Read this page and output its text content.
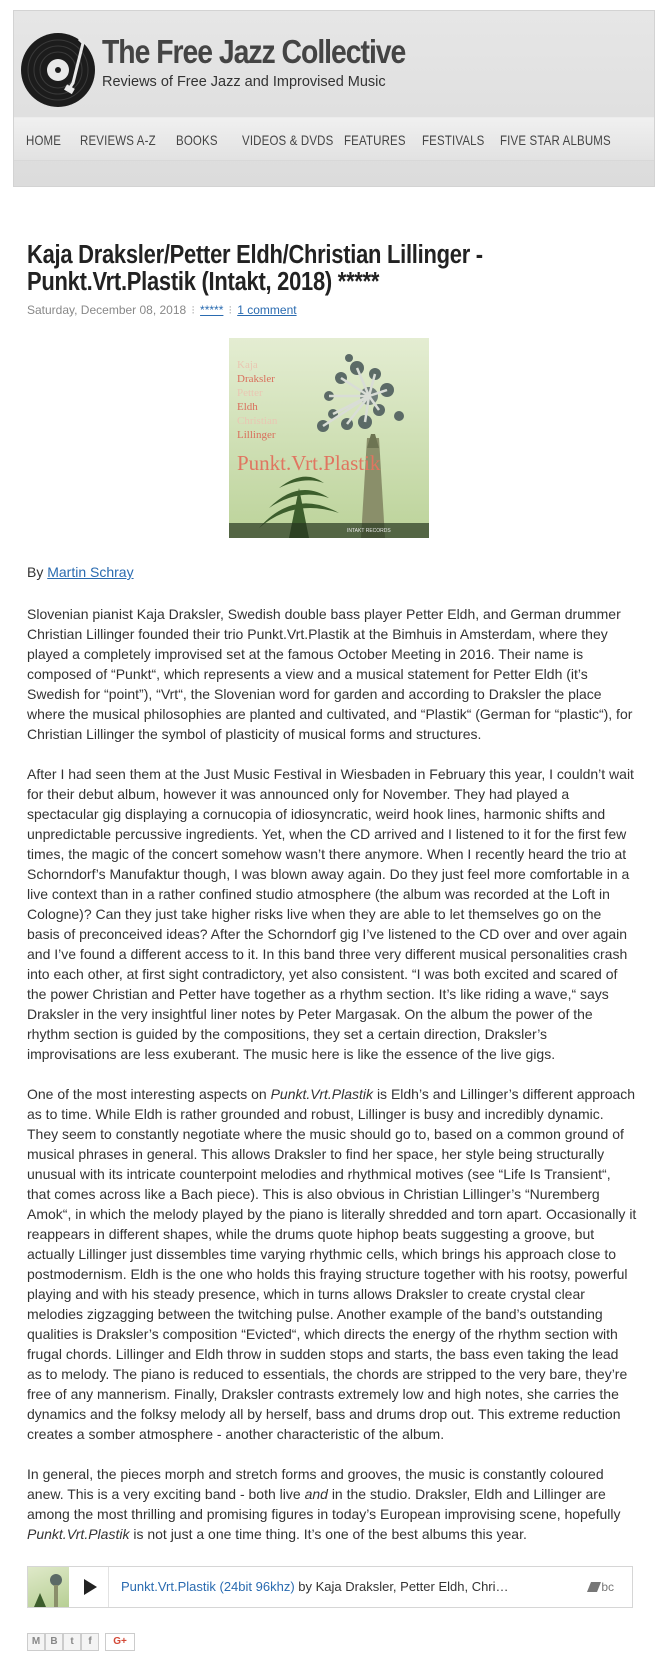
The Free Jazz Collective
Reviews of Free Jazz and Improvised Music
HOME REVIEWS A-Z BOOKS VIDEOS & DVDS FEATURES FESTIVALS FIVE STAR ALBUMS
Kaja Draksler/Petter Eldh/Christian Lillinger - Punkt.Vrt.Plastik (Intakt, 2018) *****
Saturday, December 08, 2018 ⁝ ***** ⁝ 1 comment
Kaja
Draksler
Petter
Eldh
Christian
Lillinger
Punkt.Vrt.Plastik
INTAKT RECORDS
By Martin Schray

Slovenian pianist Kaja Draksler, Swedish double bass player Petter Eldh, and German drummer Christian Lillinger founded their trio Punkt.Vrt.Plastik at the Bimhuis in Amsterdam, where they played a completely improvised set at the famous October Meeting in 2016. Their name is composed of “Punkt“, which represents a view and a musical statement for Petter Eldh (it’s Swedish for “point”), “Vrt“, the Slovenian word for garden and according to Draksler the place where the musical philosophies are planted and cultivated, and “Plastik“ (German for “plastic“), for Christian Lillinger the symbol of plasticity of musical forms and structures.

After I had seen them at the Just Music Festival in Wiesbaden in February this year, I couldn’t wait for their debut album, however it was announced only for November. They had played a spectacular gig displaying a cornucopia of idiosyncratic, weird hook lines, harmonic shifts and unpredictable percussive ingredients. Yet, when the CD arrived and I listened to it for the first few times, the magic of the concert somehow wasn’t there anymore. When I recently heard the trio at Schorndorf’s Manufaktur though, I was blown away again. Do they just feel more comfortable in a live context than in a rather confined studio atmosphere (the album was recorded at the Loft in Cologne)? Can they just take higher risks live when they are able to let themselves go on the basis of preconceived ideas? After the Schorndorf gig I’ve listened to the CD over and over again and I’ve found a different access to it. In this band three very different musical personalities crash into each other, at first sight contradictory, yet also consistent. “I was both excited and scared of the power Christian and Petter have together as a rhythm section. It’s like riding a wave,“ says Draksler in the very insightful liner notes by Peter Margasak. On the album the power of the rhythm section is guided by the compositions, they set a certain direction, Draksler’s improvisations are less exuberant. The music here is like the essence of the live gigs.

One of the most interesting aspects on Punkt.Vrt.Plastik is Eldh’s and Lillinger’s different approach as to time. While Eldh is rather grounded and robust, Lillinger is busy and incredibly dynamic. They seem to constantly negotiate where the music should go to, based on a common ground of musical phrases in general. This allows Draksler to find her space, her style being structurally unusual with its intricate counterpoint melodies and rhythmical motives (see “Life Is Transient“, that comes across like a Bach piece). This is also obvious in Christian Lillinger’s “Nuremberg Amok“, in which the melody played by the piano is literally shredded and torn apart. Occasionally it reappears in different shapes, while the drums quote hiphop beats suggesting a groove, but actually Lillinger just dissembles time varying rhythmic cells, which brings his approach close to postmodernism. Eldh is the one who holds this fraying structure together with his rootsy, powerful playing and with his steady presence, which in turns allows Draksler to create crystal clear melodies zigzagging between the twitching pulse. Another example of the band’s outstanding qualities is Draksler’s composition “Evicted“, which directs the energy of the rhythm section with frugal chords. Lillinger and Eldh throw in sudden stops and starts, the bass even taking the lead as to melody. The piano is reduced to essentials, the chords are stripped to the very bare, they’re free of any mannerism. Finally, Draksler contrasts extremely low and high notes, she carries the dynamics and the folksy melody all by herself, bass and drums drop out. This extreme reduction creates a somber atmosphere - another characteristic of the album.

In general, the pieces morph and stretch forms and grooves, the music is constantly coloured anew. This is a very exciting band - both live and in the studio. Draksler, Eldh and Lillinger are among the most thrilling and promising figures in today’s European improvising scene, hopefully Punkt.Vrt.Plastik is not just a one time thing. It’s one of the best albums this year.

Punkt.Vrt.Plastik (24bit 96khz) by Kaja Draksler, Petter Eldh, Chri…	bc
M	B	t	f	G+
